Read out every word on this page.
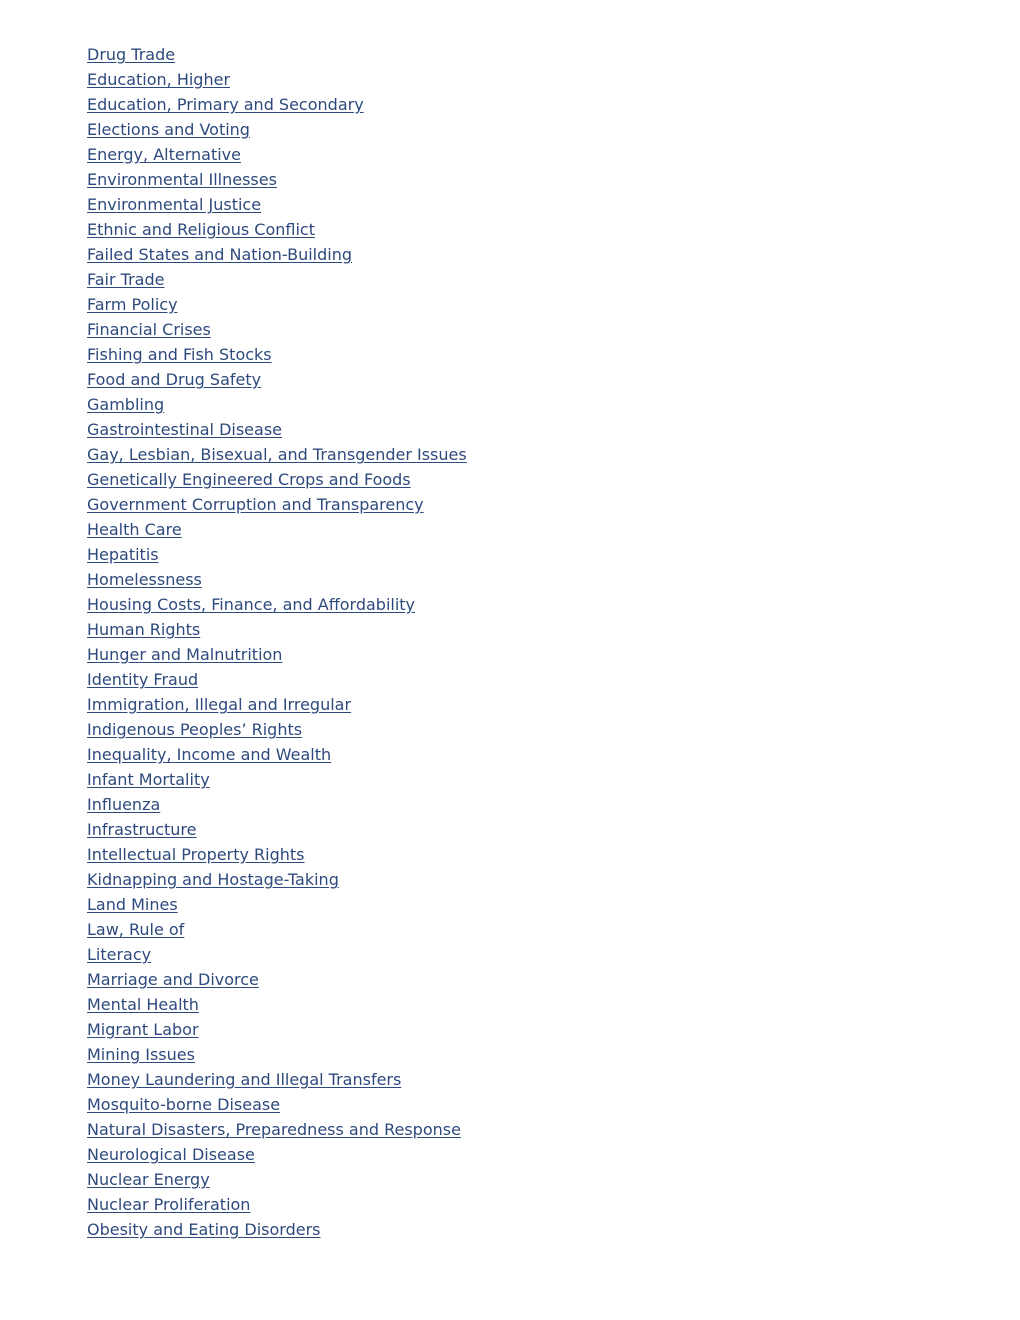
Drug Trade
Education, Higher
Education, Primary and Secondary
Elections and Voting
Energy, Alternative
Environmental Illnesses
Environmental Justice
Ethnic and Religious Conflict
Failed States and Nation-Building
Fair Trade
Farm Policy
Financial Crises
Fishing and Fish Stocks
Food and Drug Safety
Gambling
Gastrointestinal Disease
Gay, Lesbian, Bisexual, and Transgender Issues
Genetically Engineered Crops and Foods
Government Corruption and Transparency
Health Care
Hepatitis
Homelessness
Housing Costs, Finance, and Affordability
Human Rights
Hunger and Malnutrition
Identity Fraud
Immigration, Illegal and Irregular
Indigenous Peoples’ Rights
Inequality, Income and Wealth
Infant Mortality
Influenza
Infrastructure
Intellectual Property Rights
Kidnapping and Hostage-Taking
Land Mines
Law, Rule of
Literacy
Marriage and Divorce
Mental Health
Migrant Labor
Mining Issues
Money Laundering and Illegal Transfers
Mosquito-borne Disease
Natural Disasters, Preparedness and Response
Neurological Disease
Nuclear Energy
Nuclear Proliferation
Obesity and Eating Disorders
